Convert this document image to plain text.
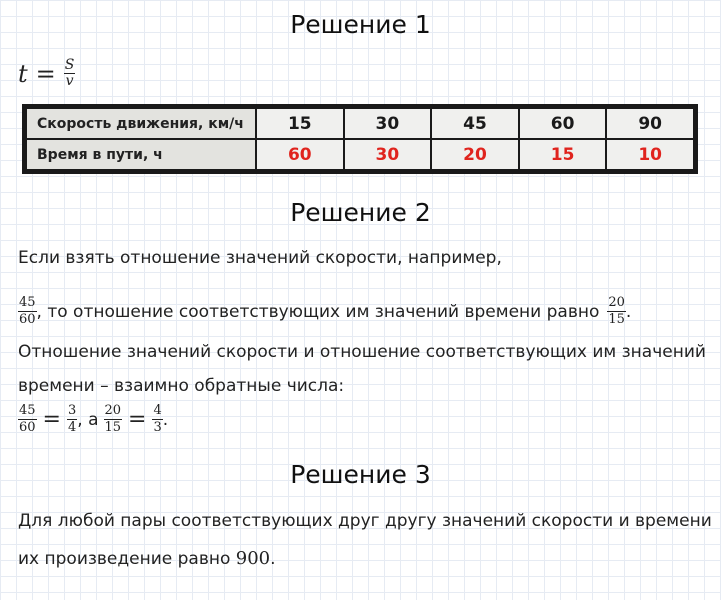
Решение 1
$t = \frac{S}{v}$
Скорость движения, км/ч	15	30	45	60	90
Время в пути, ч	60	30	20	15	10
Решение 2
Если взять отношение значений скорости, например,
$\frac{45}{60}$ , то отношение соответствующих им значений времени равно $\frac{20}{15}$ .
Отношение значений скорости и отношение соответствующих им значений
времени – взаимно обратные числа:
$\frac{45}{60} = \frac{3}{4}$ , а $\frac{20}{15} = \frac{4}{3}$ .
Решение 3
Для любой пары соответствующих друг другу значений скорости и времени
их произведение равно 900.
